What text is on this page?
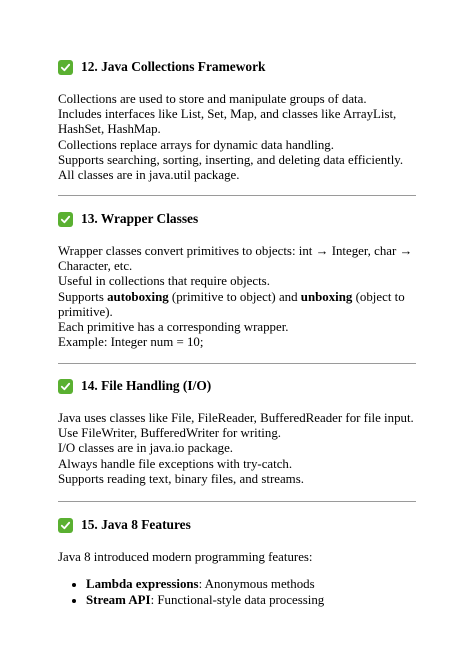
12. Java Collections Framework
Collections are used to store and manipulate groups of data.
Includes interfaces like List, Set, Map, and classes like ArrayList,
HashSet, HashMap.
Collections replace arrays for dynamic data handling.
Supports searching, sorting, inserting, and deleting data efficiently.
All classes are in java.util package.
13. Wrapper Classes
Wrapper classes convert primitives to objects: int → Integer, char →
Character, etc.
Useful in collections that require objects.
Supports autoboxing (primitive to object) and unboxing (object to
primitive).
Each primitive has a corresponding wrapper.
Example: Integer num = 10;
14. File Handling (I/O)
Java uses classes like File, FileReader, BufferedReader for file input.
Use FileWriter, BufferedWriter for writing.
I/O classes are in java.io package.
Always handle file exceptions with try-catch.
Supports reading text, binary files, and streams.
15. Java 8 Features
Java 8 introduced modern programming features:
• Lambda expressions: Anonymous methods
• Stream API: Functional-style data processing
